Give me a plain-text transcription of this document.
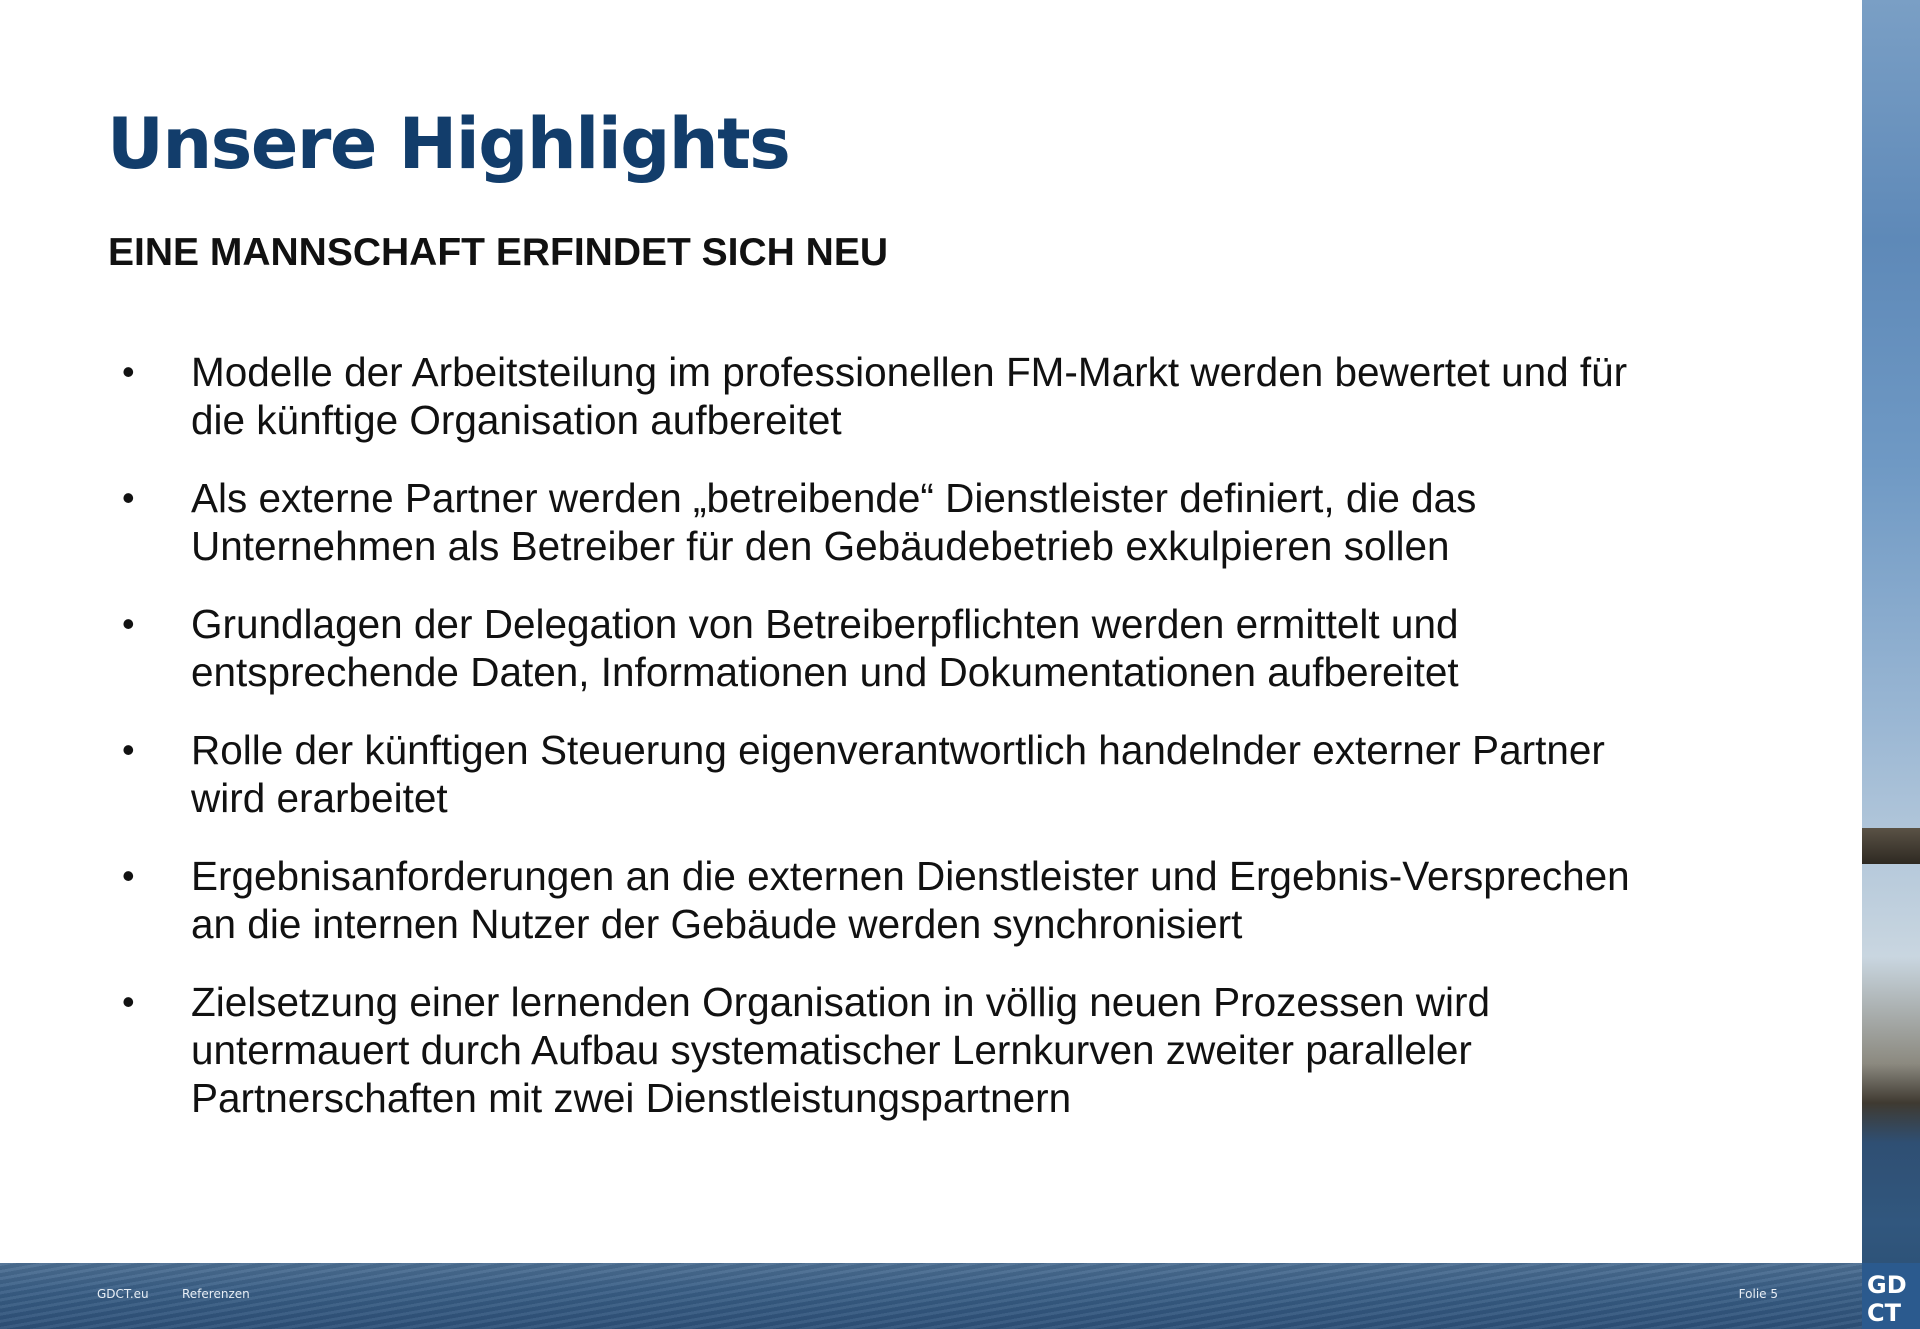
Unsere Highlights
EINE MANNSCHAFT ERFINDET SICH NEU
• Modelle der Arbeitsteilung im professionellen FM-Markt werden bewertet und für
die künftige Organisation aufbereitet
• Als externe Partner werden „betreibende“ Dienstleister definiert, die das
Unternehmen als Betreiber für den Gebäudebetrieb exkulpieren sollen
• Grundlagen der Delegation von Betreiberpflichten werden ermittelt und
entsprechende Daten, Informationen und Dokumentationen aufbereitet
• Rolle der künftigen Steuerung eigenverantwortlich handelnder externer Partner
wird erarbeitet
• Ergebnisanforderungen an die externen Dienstleister und Ergebnis-Versprechen
an die internen Nutzer der Gebäude werden synchronisiert
• Zielsetzung einer lernenden Organisation in völlig neuen Prozessen wird
untermauert durch Aufbau systematischer Lernkurven zweiter paralleler
Partnerschaften mit zwei Dienstleistungspartnern
GDCT.eu	Referenzen	Folie 5	GD
CT
